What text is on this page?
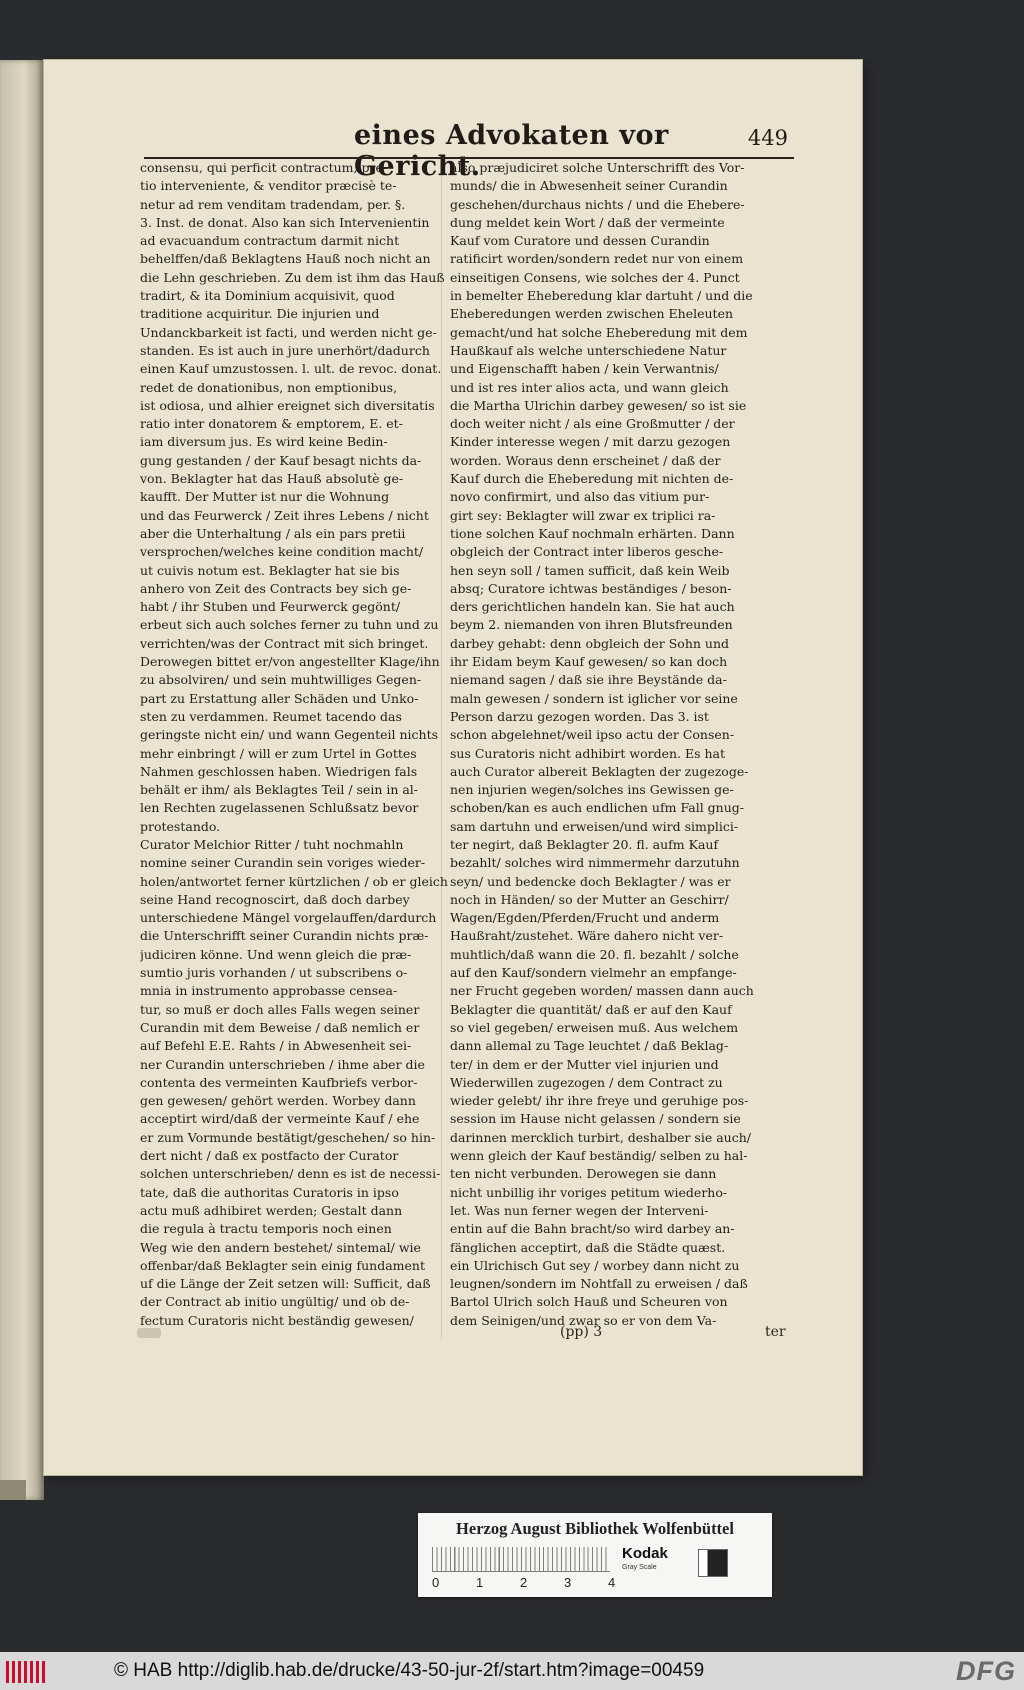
eines Advokaten vor Gericht.
449
consensu, qui perficit contractum, pre-
tio interveniente, & venditor præcisè te-
netur ad rem venditam tradendam, per. §.
3. Inst. de donat. Also kan sich Intervenientin
ad evacuandum contractum darmit nicht
behelffen/daß Beklagtens Hauß noch nicht an
die Lehn geschrieben. Zu dem ist ihm das Hauß
tradirt, & ita Dominium acquisivit, quod
traditione acquiritur. Die injurien und
Undanckbarkeit ist facti, und werden nicht ge-
standen. Es ist auch in jure unerhört/dadurch
einen Kauf umzustossen. l. ult. de revoc. donat.
redet de donationibus, non emptionibus,
ist odiosa, und alhier ereignet sich diversitatis
ratio inter donatorem & emptorem, E. et-
iam diversum jus. Es wird keine Bedin-
gung gestanden / der Kauf besagt nichts da-
von. Beklagter hat das Hauß absolutè ge-
kaufft. Der Mutter ist nur die Wohnung
und das Feurwerck / Zeit ihres Lebens / nicht
aber die Unterhaltung / als ein pars pretii
versprochen/welches keine condition macht/
ut cuivis notum est. Beklagter hat sie bis
anhero von Zeit des Contracts bey sich ge-
habt / ihr Stuben und Feurwerck gegönt/
erbeut sich auch solches ferner zu tuhn und zu
verrichten/was der Contract mit sich bringet.
Derowegen bittet er/von angestellter Klage/ihn
zu absolviren/ und sein muhtwilliges Gegen-
part zu Erstattung aller Schäden und Unko-
sten zu verdammen. Reumet tacendo das
geringste nicht ein/ und wann Gegenteil nichts
mehr einbringt / will er zum Urtel in Gottes
Nahmen geschlossen haben. Wiedrigen fals
behält er ihm/ als Beklagtes Teil / sein in al-
len Rechten zugelassenen Schlußsatz bevor
protestando.
Curator Melchior Ritter / tuht nochmahln
nomine seiner Curandin sein voriges wieder-
holen/antwortet ferner kürtzlichen / ob er gleich
seine Hand recognoscirt, daß doch darbey
unterschiedene Mängel vorgelauffen/dardurch
die Unterschrifft seiner Curandin nichts præ-
judiciren könne. Und wenn gleich die præ-
sumtio juris vorhanden / ut subscribens o-
mnia in instrumento approbasse censea-
tur, so muß er doch alles Falls wegen seiner
Curandin mit dem Beweise / daß nemlich er
auf Befehl E.E. Rahts / in Abwesenheit sei-
ner Curandin unterschrieben / ihme aber die
contenta des vermeinten Kaufbriefs verbor-
gen gewesen/ gehört werden. Worbey dann
acceptirt wird/daß der vermeinte Kauf / ehe
er zum Vormunde bestätigt/geschehen/ so hin-
dert nicht / daß ex postfacto der Curator
solchen unterschrieben/ denn es ist de necessi-
tate, daß die authoritas Curatoris in ipso
actu muß adhibiret werden; Gestalt dann
die regula à tractu temporis noch einen
Weg wie den andern bestehet/ sintemal/ wie
offenbar/daß Beklagter sein einig fundament
uf die Länge der Zeit setzen will: Sufficit, daß
der Contract ab initio ungültig/ und ob de-
fectum Curatoris nicht beständig gewesen/
also præjudiciret solche Unterschrifft des Vor-
munds/ die in Abwesenheit seiner Curandin
geschehen/durchaus nichts / und die Ehebere-
dung meldet kein Wort / daß der vermeinte
Kauf vom Curatore und dessen Curandin
ratificirt worden/sondern redet nur von einem
einseitigen Consens, wie solches der 4. Punct
in bemelter Eheberedung klar dartuht / und die
Eheberedungen werden zwischen Eheleuten
gemacht/und hat solche Eheberedung mit dem
Haußkauf als welche unterschiedene Natur
und Eigenschafft haben / kein Verwantnis/
und ist res inter alios acta, und wann gleich
die Martha Ulrichin darbey gewesen/ so ist sie
doch weiter nicht / als eine Großmutter / der
Kinder interesse wegen / mit darzu gezogen
worden. Woraus denn erscheinet / daß der
Kauf durch die Eheberedung mit nichten de-
novo confirmirt, und also das vitium pur-
girt sey: Beklagter will zwar ex triplici ra-
tione solchen Kauf nochmaln erhärten. Dann
obgleich der Contract inter liberos gesche-
hen seyn soll / tamen sufficit, daß kein Weib
absq; Curatore ichtwas beständiges / beson-
ders gerichtlichen handeln kan. Sie hat auch
beym 2. niemanden von ihren Blutsfreunden
darbey gehabt: denn obgleich der Sohn und
ihr Eidam beym Kauf gewesen/ so kan doch
niemand sagen / daß sie ihre Beystände da-
maln gewesen / sondern ist iglicher vor seine
Person darzu gezogen worden. Das 3. ist
schon abgelehnet/weil ipso actu der Consen-
sus Curatoris nicht adhibirt worden. Es hat
auch Curator albereit Beklagten der zugezoge-
nen injurien wegen/solches ins Gewissen ge-
schoben/kan es auch endlichen ufm Fall gnug-
sam dartuhn und erweisen/und wird simplici-
ter negirt, daß Beklagter 20. fl. aufm Kauf
bezahlt/ solches wird nimmermehr darzutuhn
seyn/ und bedencke doch Beklagter / was er
noch in Händen/ so der Mutter an Geschirr/
Wagen/Egden/Pferden/Frucht und anderm
Haußraht/zustehet. Wäre dahero nicht ver-
muhtlich/daß wann die 20. fl. bezahlt / solche
auf den Kauf/sondern vielmehr an empfange-
ner Frucht gegeben worden/ massen dann auch
Beklagter die quantität/ daß er auf den Kauf
so viel gegeben/ erweisen muß. Aus welchem
dann allemal zu Tage leuchtet / daß Beklag-
ter/ in dem er der Mutter viel injurien und
Wiederwillen zugezogen / dem Contract zu
wieder gelebt/ ihr ihre freye und geruhige pos-
session im Hause nicht gelassen / sondern sie
darinnen mercklich turbirt, deshalber sie auch/
wenn gleich der Kauf beständig/ selben zu hal-
ten nicht verbunden. Derowegen sie dann
nicht unbillig ihr voriges petitum wiederho-
let. Was nun ferner wegen der Interveni-
entin auf die Bahn bracht/so wird darbey an-
fänglichen acceptirt, daß die Städte quæst.
ein Ulrichisch Gut sey / worbey dann nicht zu
leugnen/sondern im Nohtfall zu erweisen / daß
Bartol Ulrich solch Hauß und Scheuren von
dem Seinigen/und zwar so er von dem Va-
(pp) 3	ter
Herzog August Bibliothek Wolfenbüttel
0	1	2	3	4
Kodak
Gray Scale
© HAB http://diglib.hab.de/drucke/43-50-jur-2f/start.htm?image=00459	DFG
